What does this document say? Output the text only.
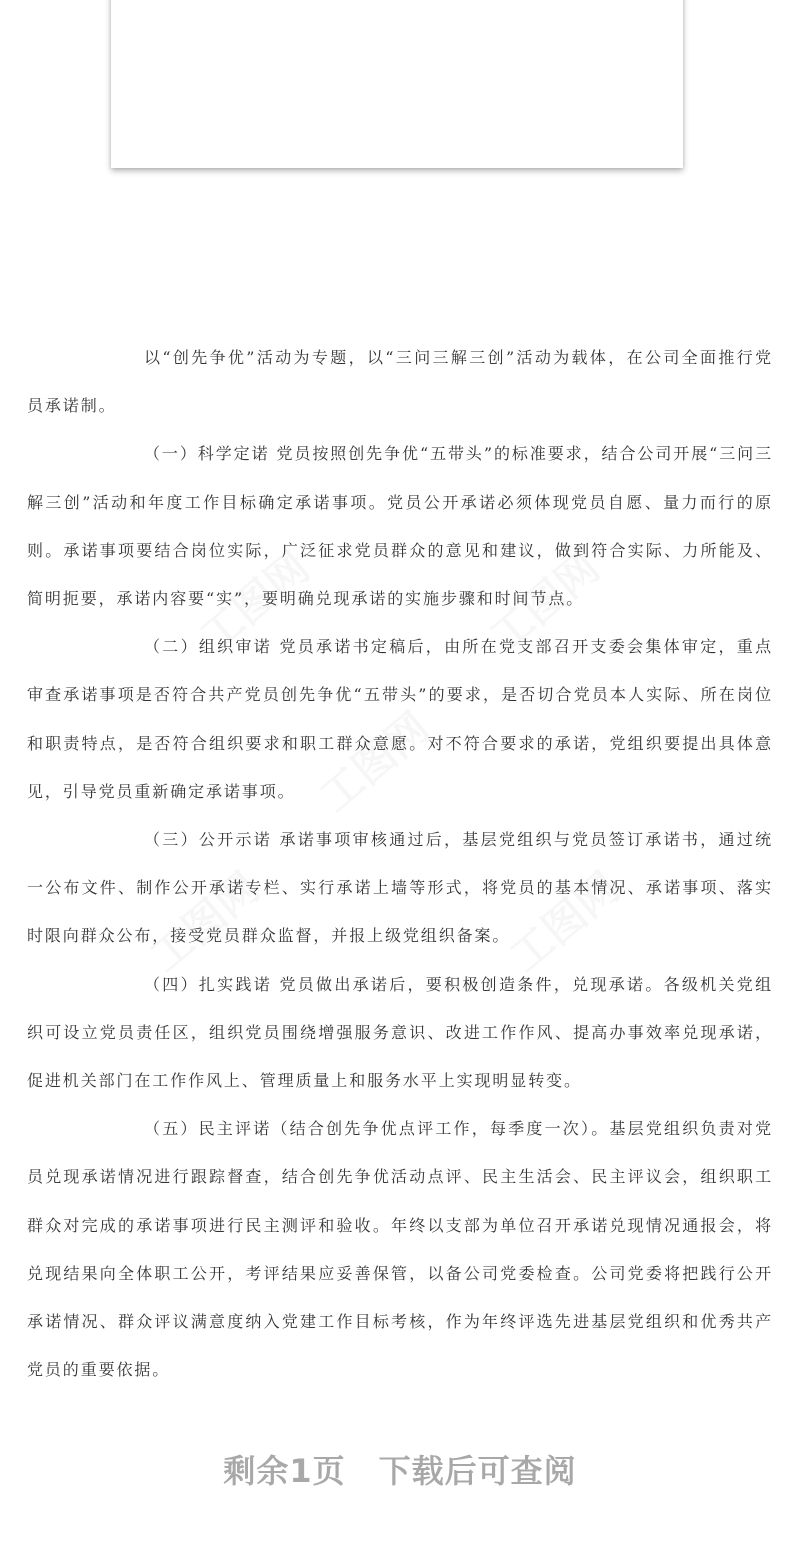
以“创先争优”活动为专题，以“三问三解三创”活动为载体，在公司全面推行党员承诺制。

（一）科学定诺 党员按照创先争优“五带头”的标准要求，结合公司开展“三问三解三创”活动和年度工作目标确定承诺事项。党员公开承诺必须体现党员自愿、量力而行的原则。承诺事项要结合岗位实际，广泛征求党员群众的意见和建议，做到符合实际、力所能及、简明扼要，承诺内容要“实”，要明确兑现承诺的实施步骤和时间节点。

（二）组织审诺 党员承诺书定稿后，由所在党支部召开支委会集体审定，重点审查承诺事项是否符合共产党员创先争优“五带头”的要求，是否切合党员本人实际、所在岗位和职责特点，是否符合组织要求和职工群众意愿。对不符合要求的承诺，党组织要提出具体意见，引导党员重新确定承诺事项。

（三）公开示诺 承诺事项审核通过后，基层党组织与党员签订承诺书，通过统一公布文件、制作公开承诺专栏、实行承诺上墙等形式，将党员的基本情况、承诺事项、落实时限向群众公布，接受党员群众监督，并报上级党组织备案。

（四）扎实践诺 党员做出承诺后，要积极创造条件，兑现承诺。各级机关党组织可设立党员责任区，组织党员围绕增强服务意识、改进工作作风、提高办事效率兑现承诺，促进机关部门在工作作风上、管理质量上和服务水平上实现明显转变。

（五）民主评诺（结合创先争优点评工作，每季度一次）。基层党组织负责对党员兑现承诺情况进行跟踪督查，结合创先争优活动点评、民主生活会、民主评议会，组织职工群众对完成的承诺事项进行民主测评和验收。年终以支部为单位召开承诺兑现情况通报会，将兑现结果向全体职工公开，考评结果应妥善保管，以备公司党委检查。公司党委将把践行公开承诺情况、群众评议满意度纳入党建工作目标考核，作为年终评选先进基层党组织和优秀共产党员的重要依据。

剩余1页　下载后可查阅
